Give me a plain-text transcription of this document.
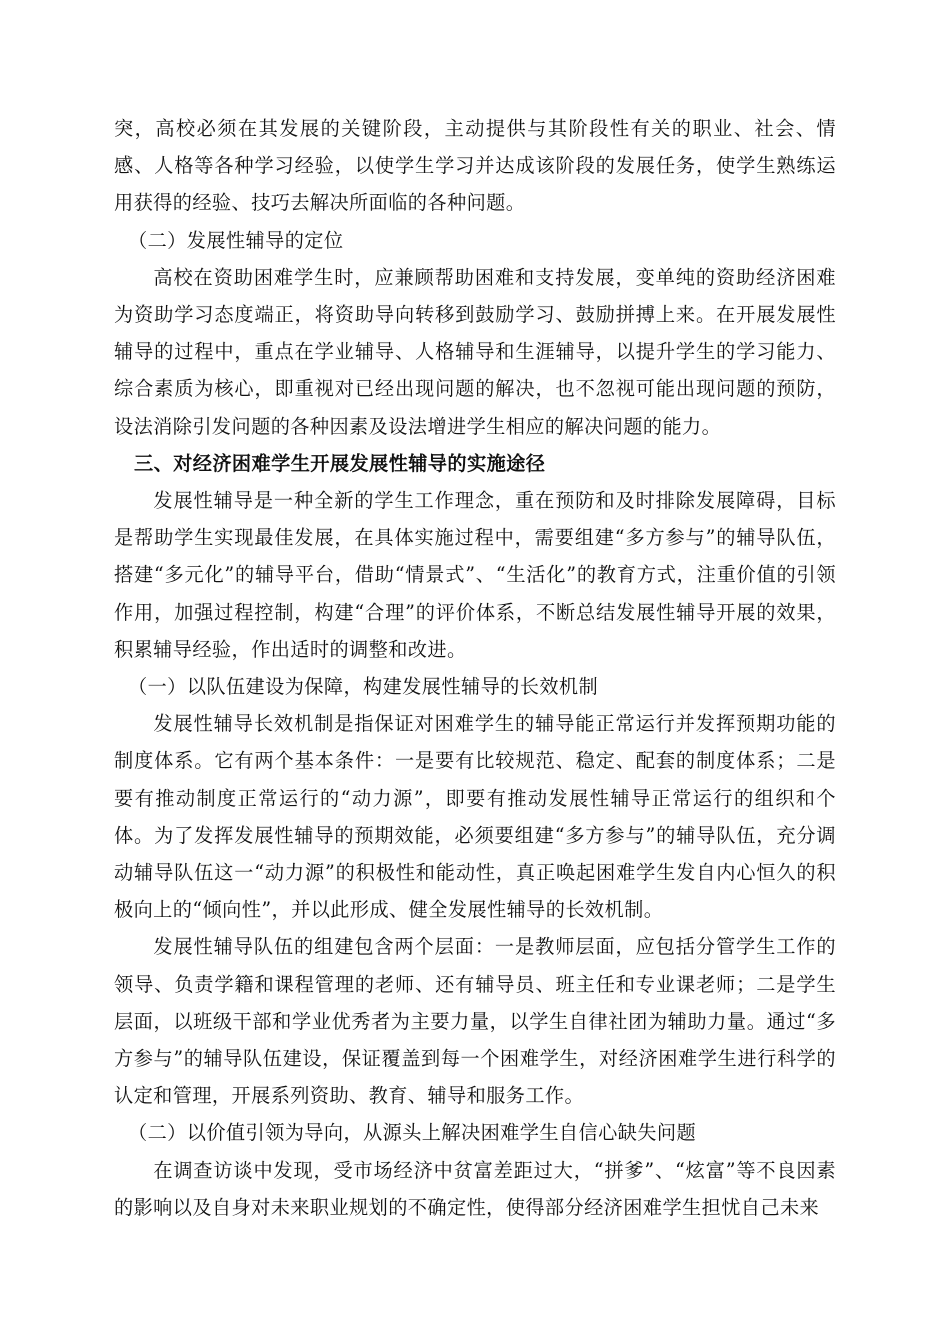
突，高校必须在其发展的关键阶段，主动提供与其阶段性有关的职业、社会、情感、人格等各种学习经验，以使学生学习并达成该阶段的发展任务，使学生熟练运用获得的经验、技巧去解决所面临的各种问题。

（二）发展性辅导的定位

高校在资助困难学生时，应兼顾帮助困难和支持发展，变单纯的资助经济困难为资助学习态度端正，将资助导向转移到鼓励学习、鼓励拼搏上来。在开展发展性辅导的过程中，重点在学业辅导、人格辅导和生涯辅导，以提升学生的学习能力、综合素质为核心，即重视对已经出现问题的解决，也不忽视可能出现问题的预防，设法消除引发问题的各种因素及设法增进学生相应的解决问题的能力。

三、对经济困难学生开展发展性辅导的实施途径

发展性辅导是一种全新的学生工作理念，重在预防和及时排除发展障碍，目标是帮助学生实现最佳发展，在具体实施过程中，需要组建“多方参与”的辅导队伍，搭建“多元化”的辅导平台，借助“情景式”、“生活化”的教育方式，注重价值的引领作用，加强过程控制，构建“合理”的评价体系，不断总结发展性辅导开展的效果，积累辅导经验，作出适时的调整和改进。

（一）以队伍建设为保障，构建发展性辅导的长效机制

发展性辅导长效机制是指保证对困难学生的辅导能正常运行并发挥预期功能的制度体系。它有两个基本条件：一是要有比较规范、稳定、配套的制度体系；二是要有推动制度正常运行的“动力源”，即要有推动发展性辅导正常运行的组织和个体。为了发挥发展性辅导的预期效能，必须要组建“多方参与”的辅导队伍，充分调动辅导队伍这一“动力源”的积极性和能动性，真正唤起困难学生发自内心恒久的积极向上的“倾向性”，并以此形成、健全发展性辅导的长效机制。

发展性辅导队伍的组建包含两个层面：一是教师层面，应包括分管学生工作的领导、负责学籍和课程管理的老师、还有辅导员、班主任和专业课老师；二是学生层面，以班级干部和学业优秀者为主要力量，以学生自律社团为辅助力量。通过“多方参与”的辅导队伍建设，保证覆盖到每一个困难学生，对经济困难学生进行科学的认定和管理，开展系列资助、教育、辅导和服务工作。

（二）以价值引领为导向，从源头上解决困难学生自信心缺失问题

在调查访谈中发现，受市场经济中贫富差距过大，“拼爹”、“炫富”等不良因素的影响以及自身对未来职业规划的不确定性，使得部分经济困难学生担忧自己未来
